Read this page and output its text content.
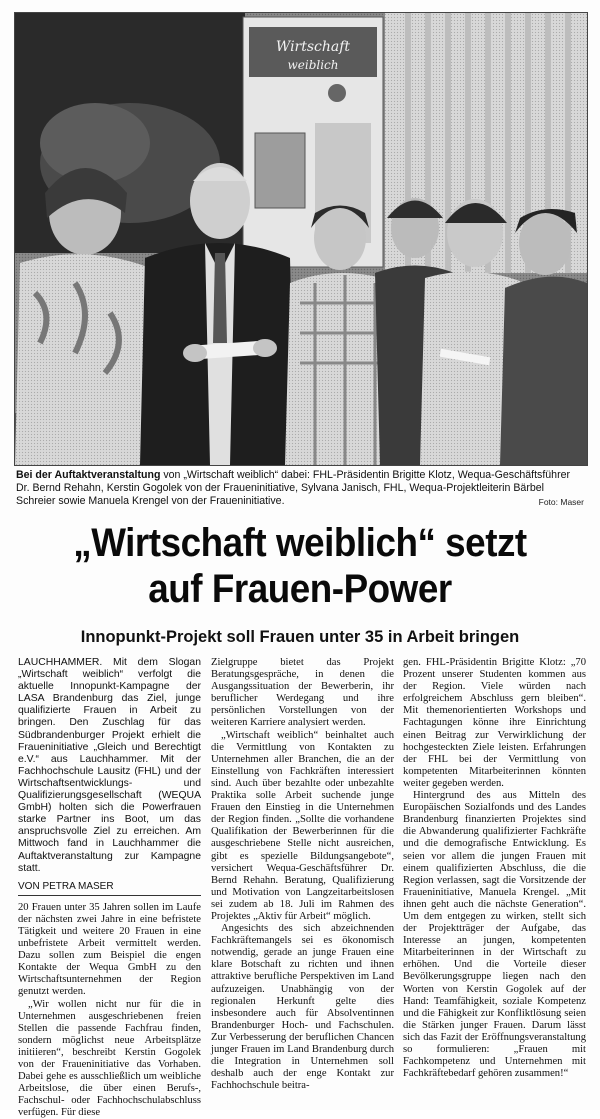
Wirtschaft
weiblich
Bei der Auftaktveranstaltung von „Wirtschaft weiblich“ dabei: FHL-Präsidentin Brigitte Klotz, Wequa-Geschäftsführer Dr. Bernd Rehahn, Kerstin Gogolek von der Fraueninitiative, Sylvana Janisch, FHL, Wequa-Projektleiterin Bärbel Schreier sowie Manuela Krengel von der Fraueninitiative.	Foto: Maser
„Wirtschaft weiblich“ setzt
auf Frauen-Power
Innopunkt-Projekt soll Frauen unter 35 in Arbeit bringen

LAUCHHAMMER. Mit dem Slogan „Wirtschaft weiblich“ verfolgt die aktuelle Innopunkt-Kampagne der LASA Brandenburg das Ziel, junge qualifizierte Frauen in Arbeit zu bringen. Den Zuschlag für das Südbrandenburger Projekt erhielt die Fraueninitiative „Gleich und Berechtigt e.V.“ aus Lauchhammer. Mit der Fachhochschule Lausitz (FHL) und der Wirtschaftsentwicklungs- und Qualifizierungsgesellschaft (WEQUA GmbH) holten sich die Powerfrauen starke Partner ins Boot, um das anspruchsvolle Ziel zu erreichen. Am Mittwoch fand in Lauchhammer die Auftaktveranstaltung zur Kampagne statt.

VON PETRA MASER

20 Frauen unter 35 Jahren sollen im Laufe der nächsten zwei Jahre in eine befristete Tätigkeit und weitere 20 Frauen in eine unbefristete Arbeit vermittelt werden. Dazu sollen zum Beispiel die engen Kontakte der Wequa GmbH zu den Wirtschaftsunternehmen der Region genutzt werden.

„Wir wollen nicht nur für die in Unternehmen ausgeschriebenen freien Stellen die passende Fachfrau finden, sondern möglichst neue Arbeitsplätze initiieren“, beschreibt Kerstin Gogolek von der Fraueninitiative das Vorhaben. Dabei gehe es ausschließlich um weibliche Arbeitslose, die über einen Berufs-, Fachschul- oder Fachhochschulabschluss verfügen. Für diese

Zielgruppe bietet das Projekt Beratungsgespräche, in denen die Ausgangssituation der Bewerberin, ihr beruflicher Werdegang und ihre persönlichen Vorstellungen von der weiteren Karriere analysiert werden.

„Wirtschaft weiblich“ beinhaltet auch die Vermittlung von Kontakten zu Unternehmen aller Branchen, die an der Einstellung von Fachkräften interessiert sind. Auch über bezahlte oder unbezahlte Praktika solle Arbeit suchende junge Frauen den Einstieg in die Unternehmen der Region finden. „Sollte die vorhandene Qualifikation der Bewerberinnen für die ausgeschriebene Stelle nicht ausreichen, gibt es spezielle Bildungsangebote“, versichert Wequa-Geschäftsführer Dr. Bernd Rehahn. Beratung, Qualifizierung und Motivation von Langzeitarbeitslosen sei zudem ab 18. Juli im Rahmen des Projektes „Aktiv für Arbeit“ möglich.

Angesichts des sich abzeichnenden Fachkräftemangels sei es ökonomisch notwendig, gerade an junge Frauen eine klare Botschaft zu richten und ihnen attraktive berufliche Perspektiven im Land aufzuzeigen. Unabhängig von der regionalen Herkunft gelte dies insbesondere auch für Absolventinnen Brandenburger Hoch- und Fachschulen. Zur Verbesserung der beruflichen Chancen junger Frauen im Land Brandenburg durch die Integration in Unternehmen soll deshalb auch der enge Kontakt zur Fachhochschule beitra-

gen. FHL-Präsidentin Brigitte Klotz: „70 Prozent unserer Studenten kommen aus der Region. Viele würden nach erfolgreichem Abschluss gern bleiben“. Mit themenorientierten Workshops und Fachtagungen könne ihre Einrichtung einen Beitrag zur Verwirklichung der hochgesteckten Ziele leisten. Erfahrungen der FHL bei der Vermittlung von kompetenten Mitarbeiterinnen könnten weiter gegeben werden.

Hintergrund des aus Mitteln des Europäischen Sozialfonds und des Landes Brandenburg finanzierten Projektes sind die Abwanderung qualifizierter Fachkräfte und die demografische Entwicklung. Es seien vor allem die jungen Frauen mit einem qualifizierten Abschluss, die die Region verlassen, sagt die Vorsitzende der Fraueninitiative, Manuela Krengel. „Mit ihnen geht auch die nächste Generation“. Um dem entgegen zu wirken, stellt sich der Projektträger der Aufgabe, das Interesse an jungen, kompetenten Mitarbeiterinnen in der Wirtschaft zu erhöhen. Und die Vorteile dieser Bevölkerungsgruppe liegen nach den Worten von Kerstin Gogolek auf der Hand: Teamfähigkeit, soziale Kompetenz und die Fähigkeit zur Konfliktlösung seien die Stärken junger Frauen. Darum lässt sich das Fazit der Eröffnungsveranstaltung so formulieren: „Frauen mit Fachkompetenz und Unternehmen mit Fachkräftebedarf gehören zusammen!“
